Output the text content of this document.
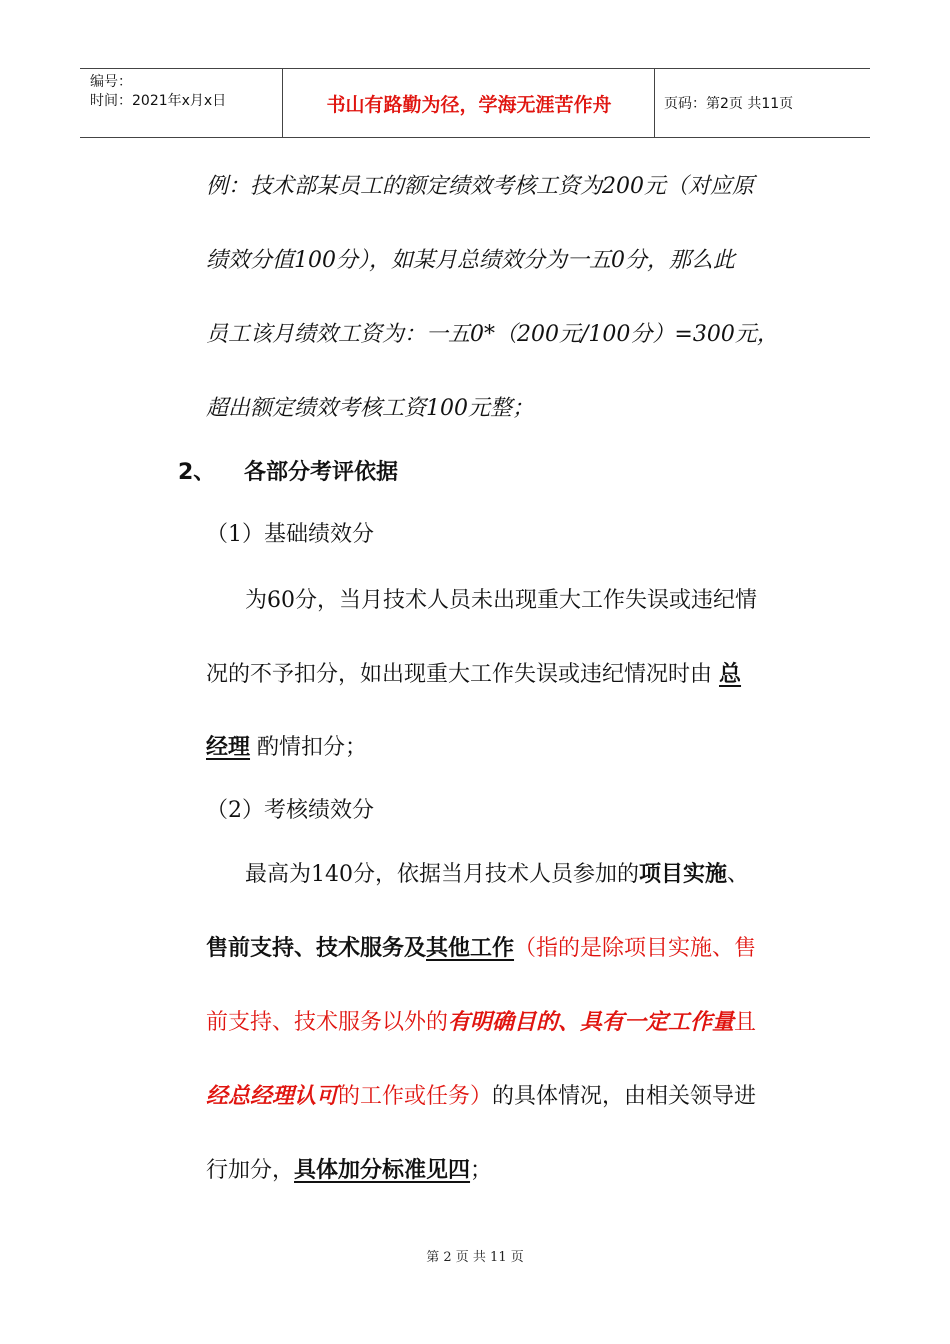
编号：
时间：2021年x月x日	书山有路勤为径，学海无涯苦作舟	页码：第2页 共11页
例：技术部某员工的额定绩效考核工资为200元（对应原
绩效分值100分），如某月总绩效分为一五0分，那么此
员工该月绩效工资为：一五0*（200元/100分）=300元，
超出额定绩效考核工资100元整；
2、 各部分考评依据
（1）基础绩效分
为60分，当月技术人员未出现重大工作失误或违纪情
况的不予扣分，如出现重大工作失误或违纪情况时由 总
经理 酌情扣分；
（2）考核绩效分
最高为140分，依据当月技术人员参加的项目实施、
售前支持、技术服务及其他工作（指的是除项目实施、售
前支持、技术服务以外的有明确目的、具有一定工作量且
经总经理认可的工作或任务）的具体情况，由相关领导进
行加分，具体加分标准见四；
第 2 页 共 11 页
